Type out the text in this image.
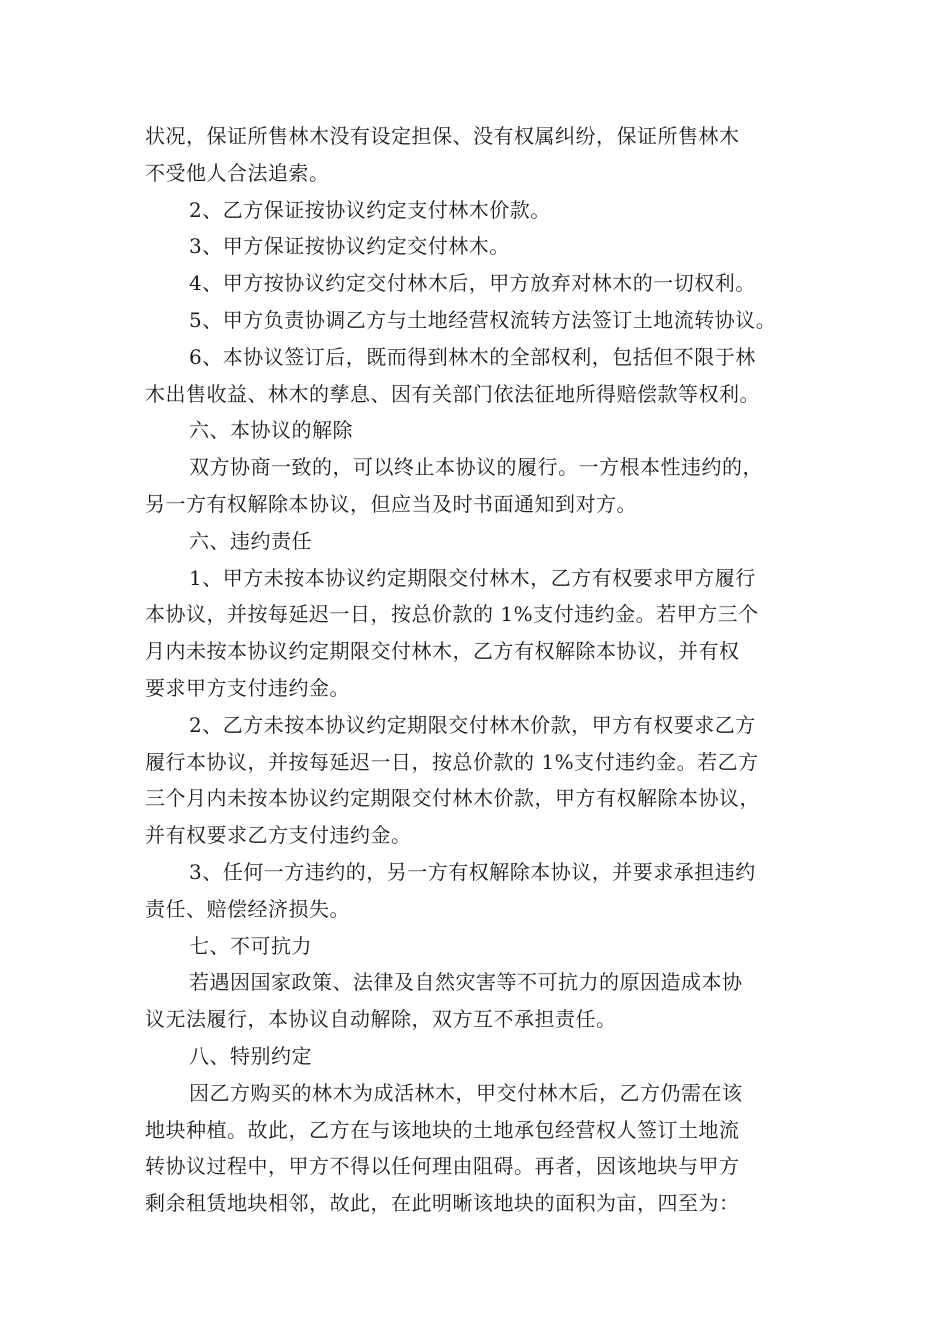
状况，保证所售林木没有设定担保、没有权属纠纷，保证所售林木
不受他人合法追索。
2、乙方保证按协议约定支付林木价款。
3、甲方保证按协议约定交付林木。
4、甲方按协议约定交付林木后，甲方放弃对林木的一切权利。
5、甲方负责协调乙方与土地经营权流转方法签订土地流转协议。
6、本协议签订后，既而得到林木的全部权利，包括但不限于林
木出售收益、林木的孳息、因有关部门依法征地所得赔偿款等权利。
六、本协议的解除
双方协商一致的，可以终止本协议的履行。一方根本性违约的，
另一方有权解除本协议，但应当及时书面通知到对方。
六、违约责任
1、甲方未按本协议约定期限交付林木，乙方有权要求甲方履行
本协议，并按每延迟一日，按总价款的 1%支付违约金。若甲方三个
月内未按本协议约定期限交付林木，乙方有权解除本协议，并有权
要求甲方支付违约金。
2、乙方未按本协议约定期限交付林木价款，甲方有权要求乙方
履行本协议，并按每延迟一日，按总价款的 1%支付违约金。若乙方
三个月内未按本协议约定期限交付林木价款，甲方有权解除本协议，
并有权要求乙方支付违约金。
3、任何一方违约的，另一方有权解除本协议，并要求承担违约
责任、赔偿经济损失。
七、不可抗力
若遇因国家政策、法律及自然灾害等不可抗力的原因造成本协
议无法履行，本协议自动解除，双方互不承担责任。
八、特别约定
因乙方购买的林木为成活林木，甲交付林木后，乙方仍需在该
地块种植。故此，乙方在与该地块的土地承包经营权人签订土地流
转协议过程中，甲方不得以任何理由阻碍。再者，因该地块与甲方
剩余租赁地块相邻，故此，在此明晰该地块的面积为亩，四至为：
